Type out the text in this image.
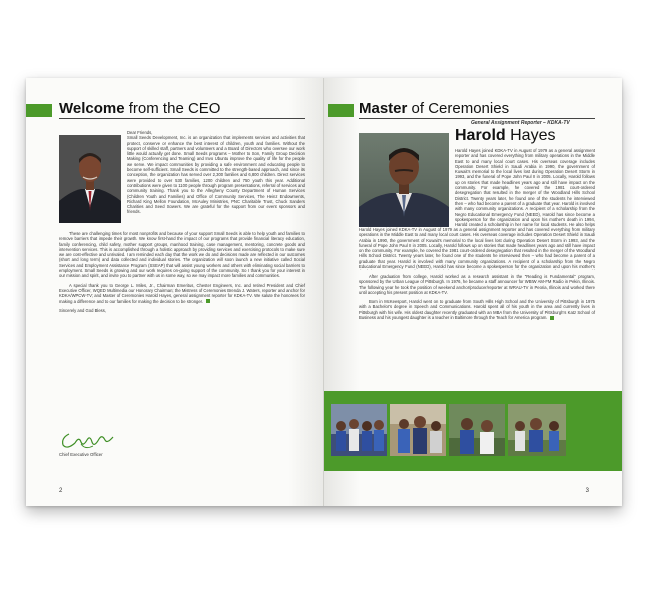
Welcome from the CEO

Dear Friends,

Small Seeds Development, Inc. is an organization that implements services and activities that protect, conserve or enhance the best interest of children, youth and families. Without the support of skilled staff, partners and volunteers and a Board of Directors who oversee our work little would actually get done. Small Seeds programs – Mother to Son, Family Group Decision Making (Conferencing and Teaming) and Invo Ubuntu improve the quality of life for the people we serve. We impact communities by providing a safe environment and educating people to become self-sufficient. Small Seeds is committed to the strength-based approach, and since its conception, the organization has served over 2,300 families and 6,800 children. Direct services were provided to over 530 families, 1200 children and 750 youth this year. Additional contributions were given to 1100 people through program presentations, referral of services and community training. Thank you to the Allegheny County Department of Human Services (Children Youth and Families) and Office of Community Services, The Heinz Endowments, Richard King Mellon Foundation, McAuley Ministries, PNC Charitable Trust, Chuck Sanders Charities and Seed Sowers. We are grateful for the support from our event sponsors and friends.

These are challenging times for most nonprofits and because of your support Small Seeds is able to help youth and families to remove barriers that impede their growth. We know first-hand the impact of our programs that provide financial literacy education, family conferencing, child safety, mother support groups, manhood training, case management, mentoring, concrete goods and intervention services. This is accomplished through a holistic approach by providing services and exercising protocols to make sure we are cost-effective and unrivaled. I am reminded each day that the work we do and decisions made are reflected in our outcomes (short and long term) and data collected and individual stories. The organization will soon launch a new initiative called Social Services and Employment Assistance Program (SSEAP) that will assist young workers and others with eliminating social barriers to employment. Small Seeds is growing and our work requires on-going support of the community. So I thank you for your interest in our mission and spirit, and invite you to partner with us in some way, so we may impact more families and communities.

A special thank you to George L. Miles, Jr., Chairman Emeritus, Chester Engineers, Inc. and retired President and Chief Executive Officer, WQED Multimedia our Honorary Chairman; the Mistress of Ceremonies Brenda J. Waters, reporter and anchor for KDKA/WPCW-TV; and Master of Ceremonies Harold Hayes, general assignment reporter for KDKA-TV. We salute the honorees for making a difference and to our families for making the decision to be stronger.

Sincerely and God Bless,

Chief Executive Officer
2
Master of Ceremonies
General Assignment Reporter – KDKA-TV
Harold Hayes
Harold Hayes joined KDKA-TV in August of 1979 as a general assignment reporter and has covered everything from military operations in the Middle East to and many local court cases. His overseas coverage includes Operation Desert Shield in Saudi Arabia in 1990, the government of Kuwait's memorial to the local lives lost during Operation Desert Storm in 1993, and the funeral of Pope John Paul II in 2005. Locally, Harold follows up on stories that made headlines years ago and still have impact on the community. For example, he covered the 1981 court-ordered desegregation that resulted in the merger of the Woodland Hills School District. Twenty years later, he found one of the students he interviewed then – who had become a parent of a graduate that year. Harold is involved with many community organizations. A recipient of a scholarship from the Negro Educational Emergency Fund (NEED), Harold has since become a spokesperson for the organization and upon his mother's death in 1994, Harold created a scholarship in her name for local students. He also helps

Harold Hayes joined KDKA-TV in August of 1979 as a general assignment reporter and has covered everything from military operations in the Middle East to and many local court cases. His overseas coverage includes Operation Desert Shield in Saudi Arabia in 1990, the government of Kuwait's memorial to the local lives lost during Operation Desert Storm in 1993, and the funeral of Pope John Paul II in 2005. Locally, Harold follows up on stories that made headlines years ago and still have impact on the community. For example, he covered the 1981 court-ordered desegregation that resulted in the merger of the Woodland Hills School District. Twenty years later, he found one of the students he interviewed then – who had become a parent of a graduate that year. Harold is involved with many community organizations. A recipient of a scholarship from the Negro Educational Emergency Fund (NEED), Harold has since become a spokesperson for the organization and upon his mother's

After graduation from college, Harold worked as a research assistant in the "Reading is Fundamental" program, sponsored by the Urban League of Pittsburgh. In 1976, he became a staff announcer for WBIW AM-FM Radio in Pekin, Illinois. The following year he took the position of weekend anchor/producer/reporter at WRAU-TV in Peoria, Illinois and worked there until accepting his present position at KDKA-TV.

Born in McKeesport, Harold went on to graduate from South Hills High School and the University of Pittsburgh in 1975 with a Bachelor's degree in Speech and Communications. Harold spent all of his youth in the area and currently lives in Pittsburgh with his wife. His oldest daughter recently graduated with an MBA from the University of Pittsburgh's Katz School of Business and his youngest daughter is a teacher in Baltimore through the Teach for America program.

3
